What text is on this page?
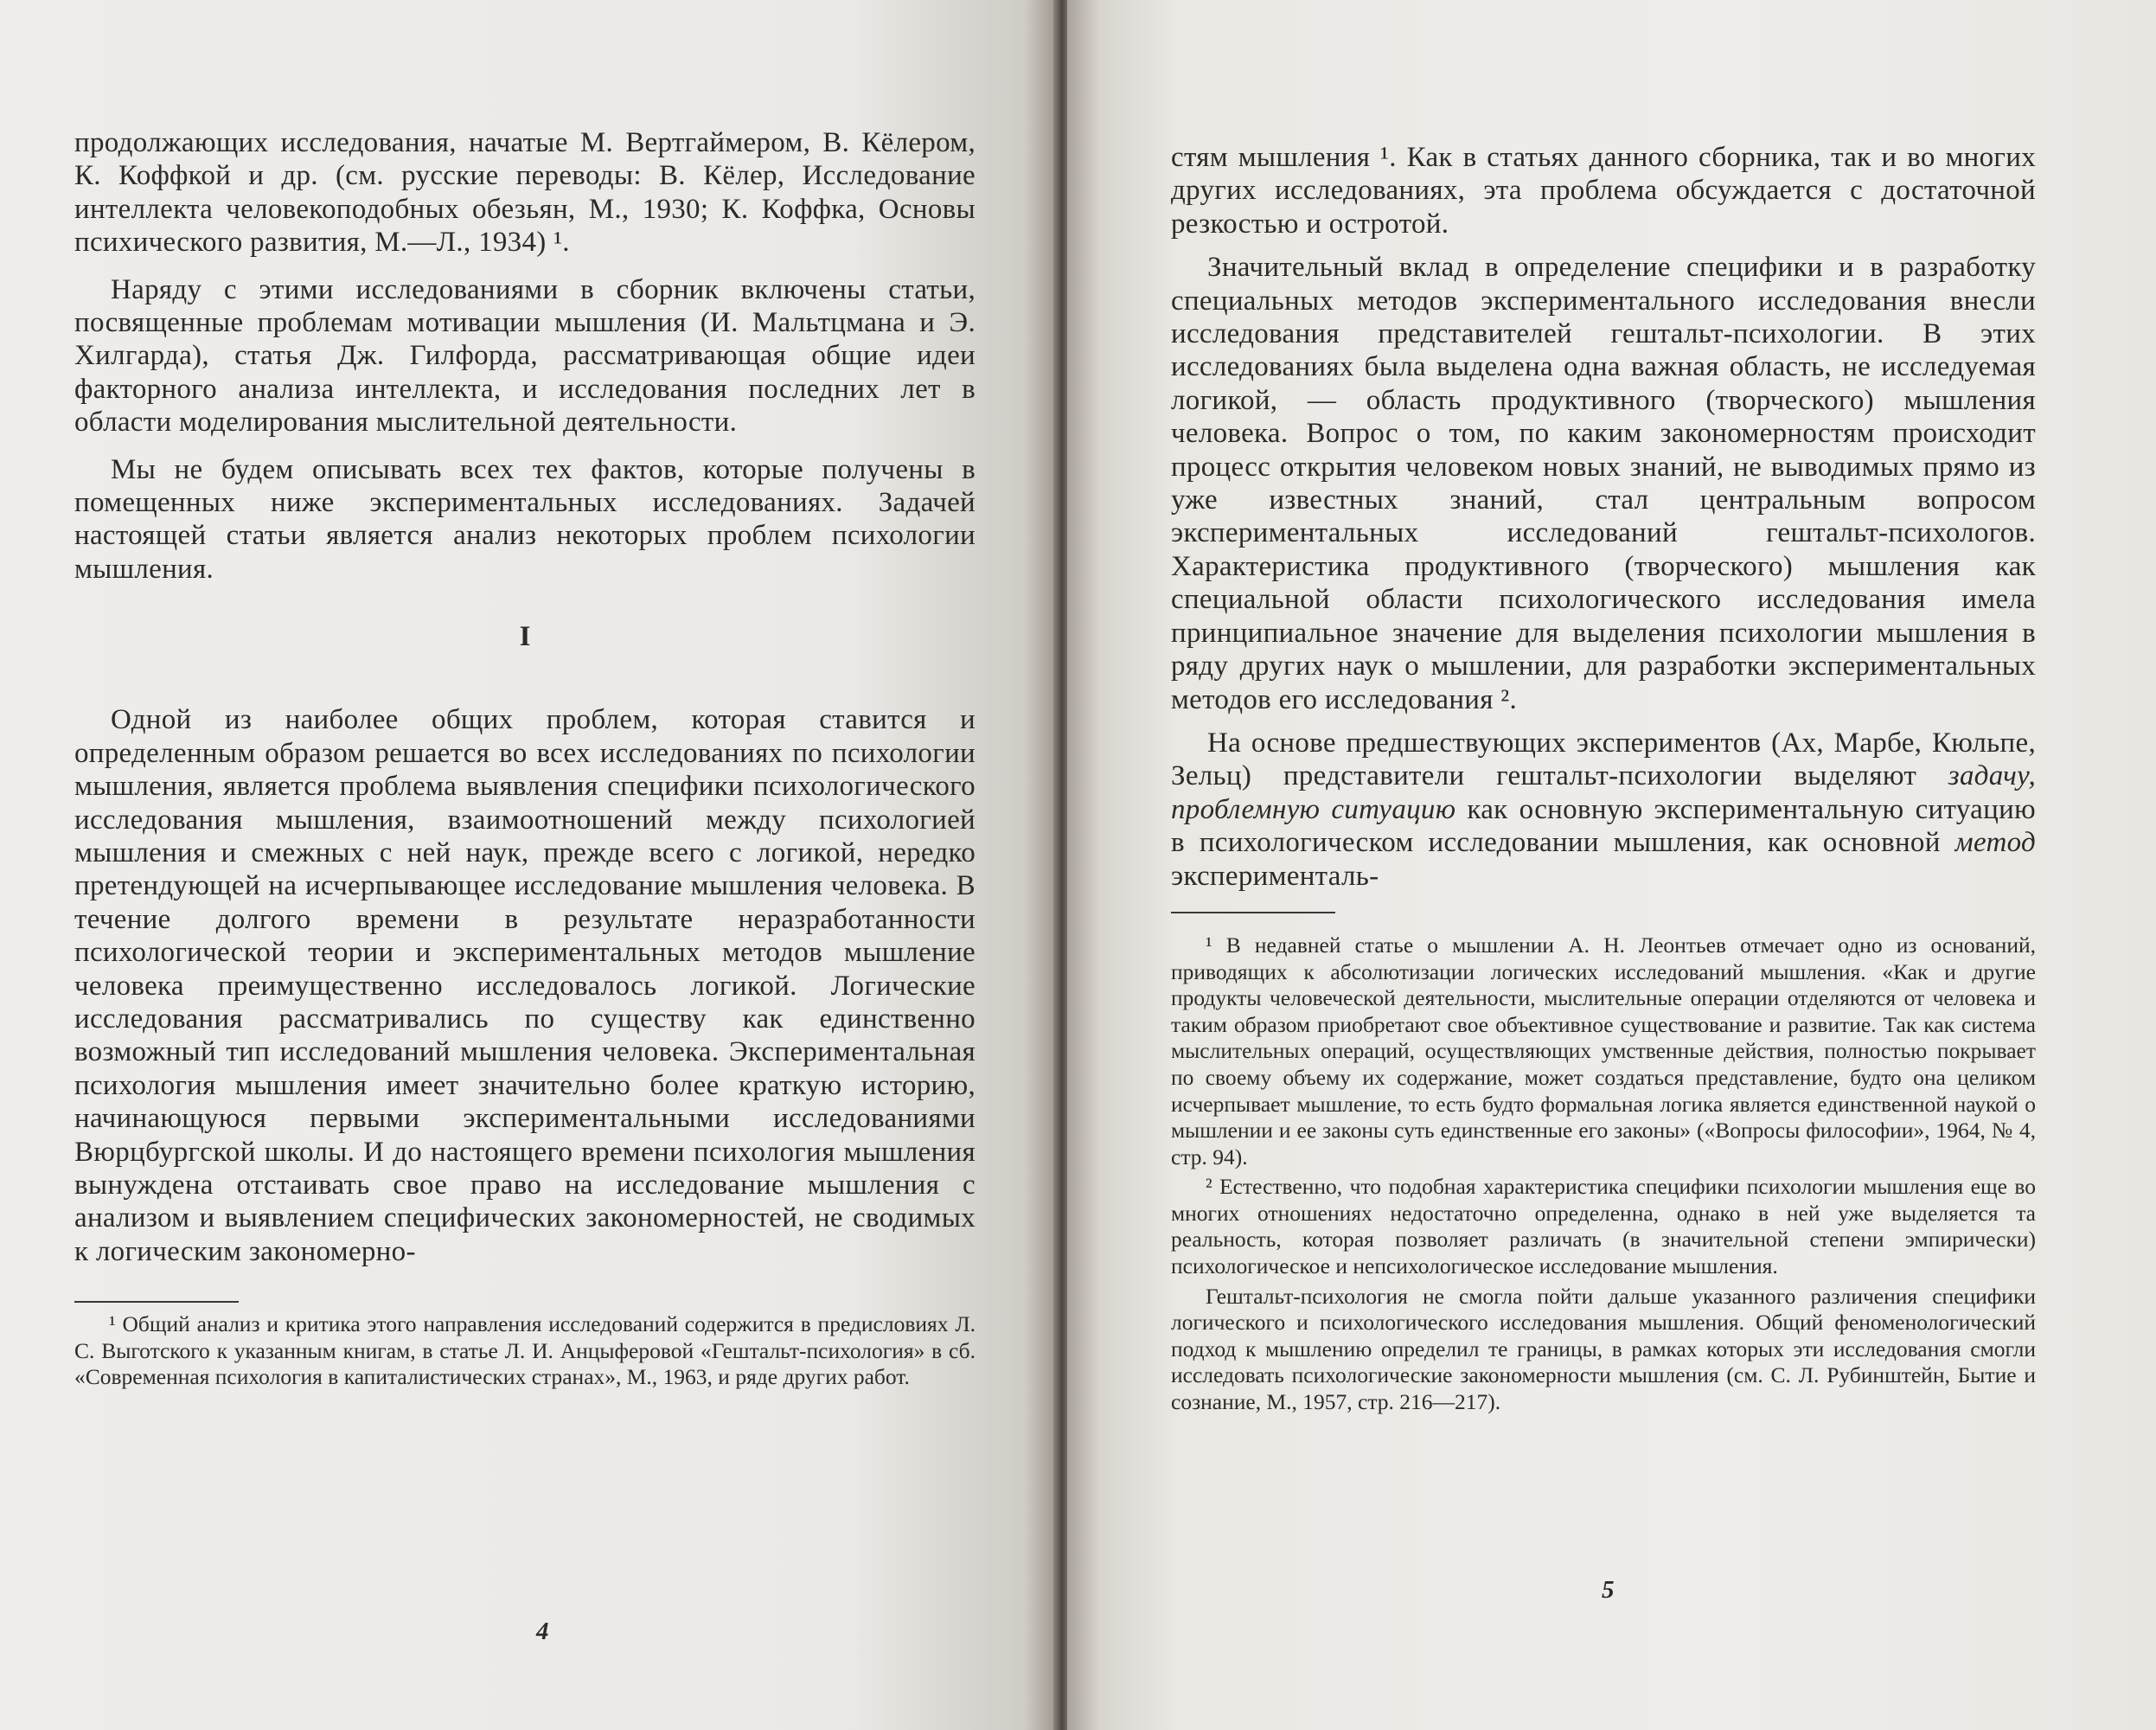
продолжающих исследования, начатые М. Вертгаймером, В. Кёлером, К. Коффкой и др. (см. русские переводы: В. Кёлер, Исследование интеллекта человекоподобных обезьян, М., 1930; К. Коффка, Основы психического развития, М.—Л., 1934) ¹.

Наряду с этими исследованиями в сборник включены статьи, посвященные проблемам мотивации мышления (И. Мальтцмана и Э. Хилгарда), статья Дж. Гилфорда, рассматривающая общие идеи факторного анализа интеллекта, и исследования последних лет в области моделирования мыслительной деятельности.

Мы не будем описывать всех тех фактов, которые получены в помещенных ниже экспериментальных исследованиях. Задачей настоящей статьи является анализ некоторых проблем психологии мышления.

I

Одной из наиболее общих проблем, которая ставится и определенным образом решается во всех исследованиях по психологии мышления, является проблема выявления специфики психологического исследования мышления, взаимоотношений между психологией мышления и смежных с ней наук, прежде всего с логикой, нередко претендующей на исчерпывающее исследование мышления человека. В течение долгого времени в результате неразработанности психологической теории и экспериментальных методов мышление человека преимущественно исследовалось логикой. Логические исследования рассматривались по существу как единственно возможный тип исследований мышления человека. Экспериментальная психология мышления имеет значительно более краткую историю, начинающуюся первыми экспериментальными исследованиями Вюрцбургской школы. И до настоящего времени психология мышления вынуждена отстаивать свое право на исследование мышления с анализом и выявлением специфических закономерностей, не сводимых к логическим закономерно-

¹ Общий анализ и критика этого направления исследований содержится в предисловиях Л. С. Выготского к указанным книгам, в статье Л. И. Анцыферовой «Гештальт-психология» в сб. «Современная психология в капиталистических странах», М., 1963, и ряде других работ.

4

стям мышления ¹. Как в статьях данного сборника, так и во многих других исследованиях, эта проблема обсуждается с достаточной резкостью и остротой.

Значительный вклад в определение специфики и в разработку специальных методов экспериментального исследования внесли исследования представителей гештальт-психологии. В этих исследованиях была выделена одна важная область, не исследуемая логикой, — область продуктивного (творческого) мышления человека. Вопрос о том, по каким закономерностям происходит процесс открытия человеком новых знаний, не выводимых прямо из уже известных знаний, стал центральным вопросом экспериментальных исследований гештальт-психологов. Характеристика продуктивного (творческого) мышления как специальной области психологического исследования имела принципиальное значение для выделения психологии мышления в ряду других наук о мышлении, для разработки экспериментальных методов его исследования ².

На основе предшествующих экспериментов (Ах, Марбе, Кюльпе, Зельц) представители гештальт-психологии выделяют задачу, проблемную ситуацию как основную экспериментальную ситуацию в психологическом исследовании мышления, как основной метод эксперименталь-

¹ В недавней статье о мышлении А. Н. Леонтьев отмечает одно из оснований, приводящих к абсолютизации логических исследований мышления. «Как и другие продукты человеческой деятельности, мыслительные операции отделяются от человека и таким образом приобретают свое объективное существование и развитие. Так как система мыслительных операций, осуществляющих умственные действия, полностью покрывает по своему объему их содержание, может создаться представление, будто она целиком исчерпывает мышление, то есть будто формальная логика является единственной наукой о мышлении и ее законы суть единственные его законы» («Вопросы философии», 1964, № 4, стр. 94).

² Естественно, что подобная характеристика специфики психологии мышления еще во многих отношениях недостаточно определенна, однако в ней уже выделяется та реальность, которая позволяет различать (в значительной степени эмпирически) психологическое и непсихологическое исследование мышления.

Гештальт-психология не смогла пойти дальше указанного различения специфики логического и психологического исследования мышления. Общий феноменологический подход к мышлению определил те границы, в рамках которых эти исследования смогли исследовать психологические закономерности мышления (см. С. Л. Рубинштейн, Бытие и сознание, М., 1957, стр. 216—217).

5
